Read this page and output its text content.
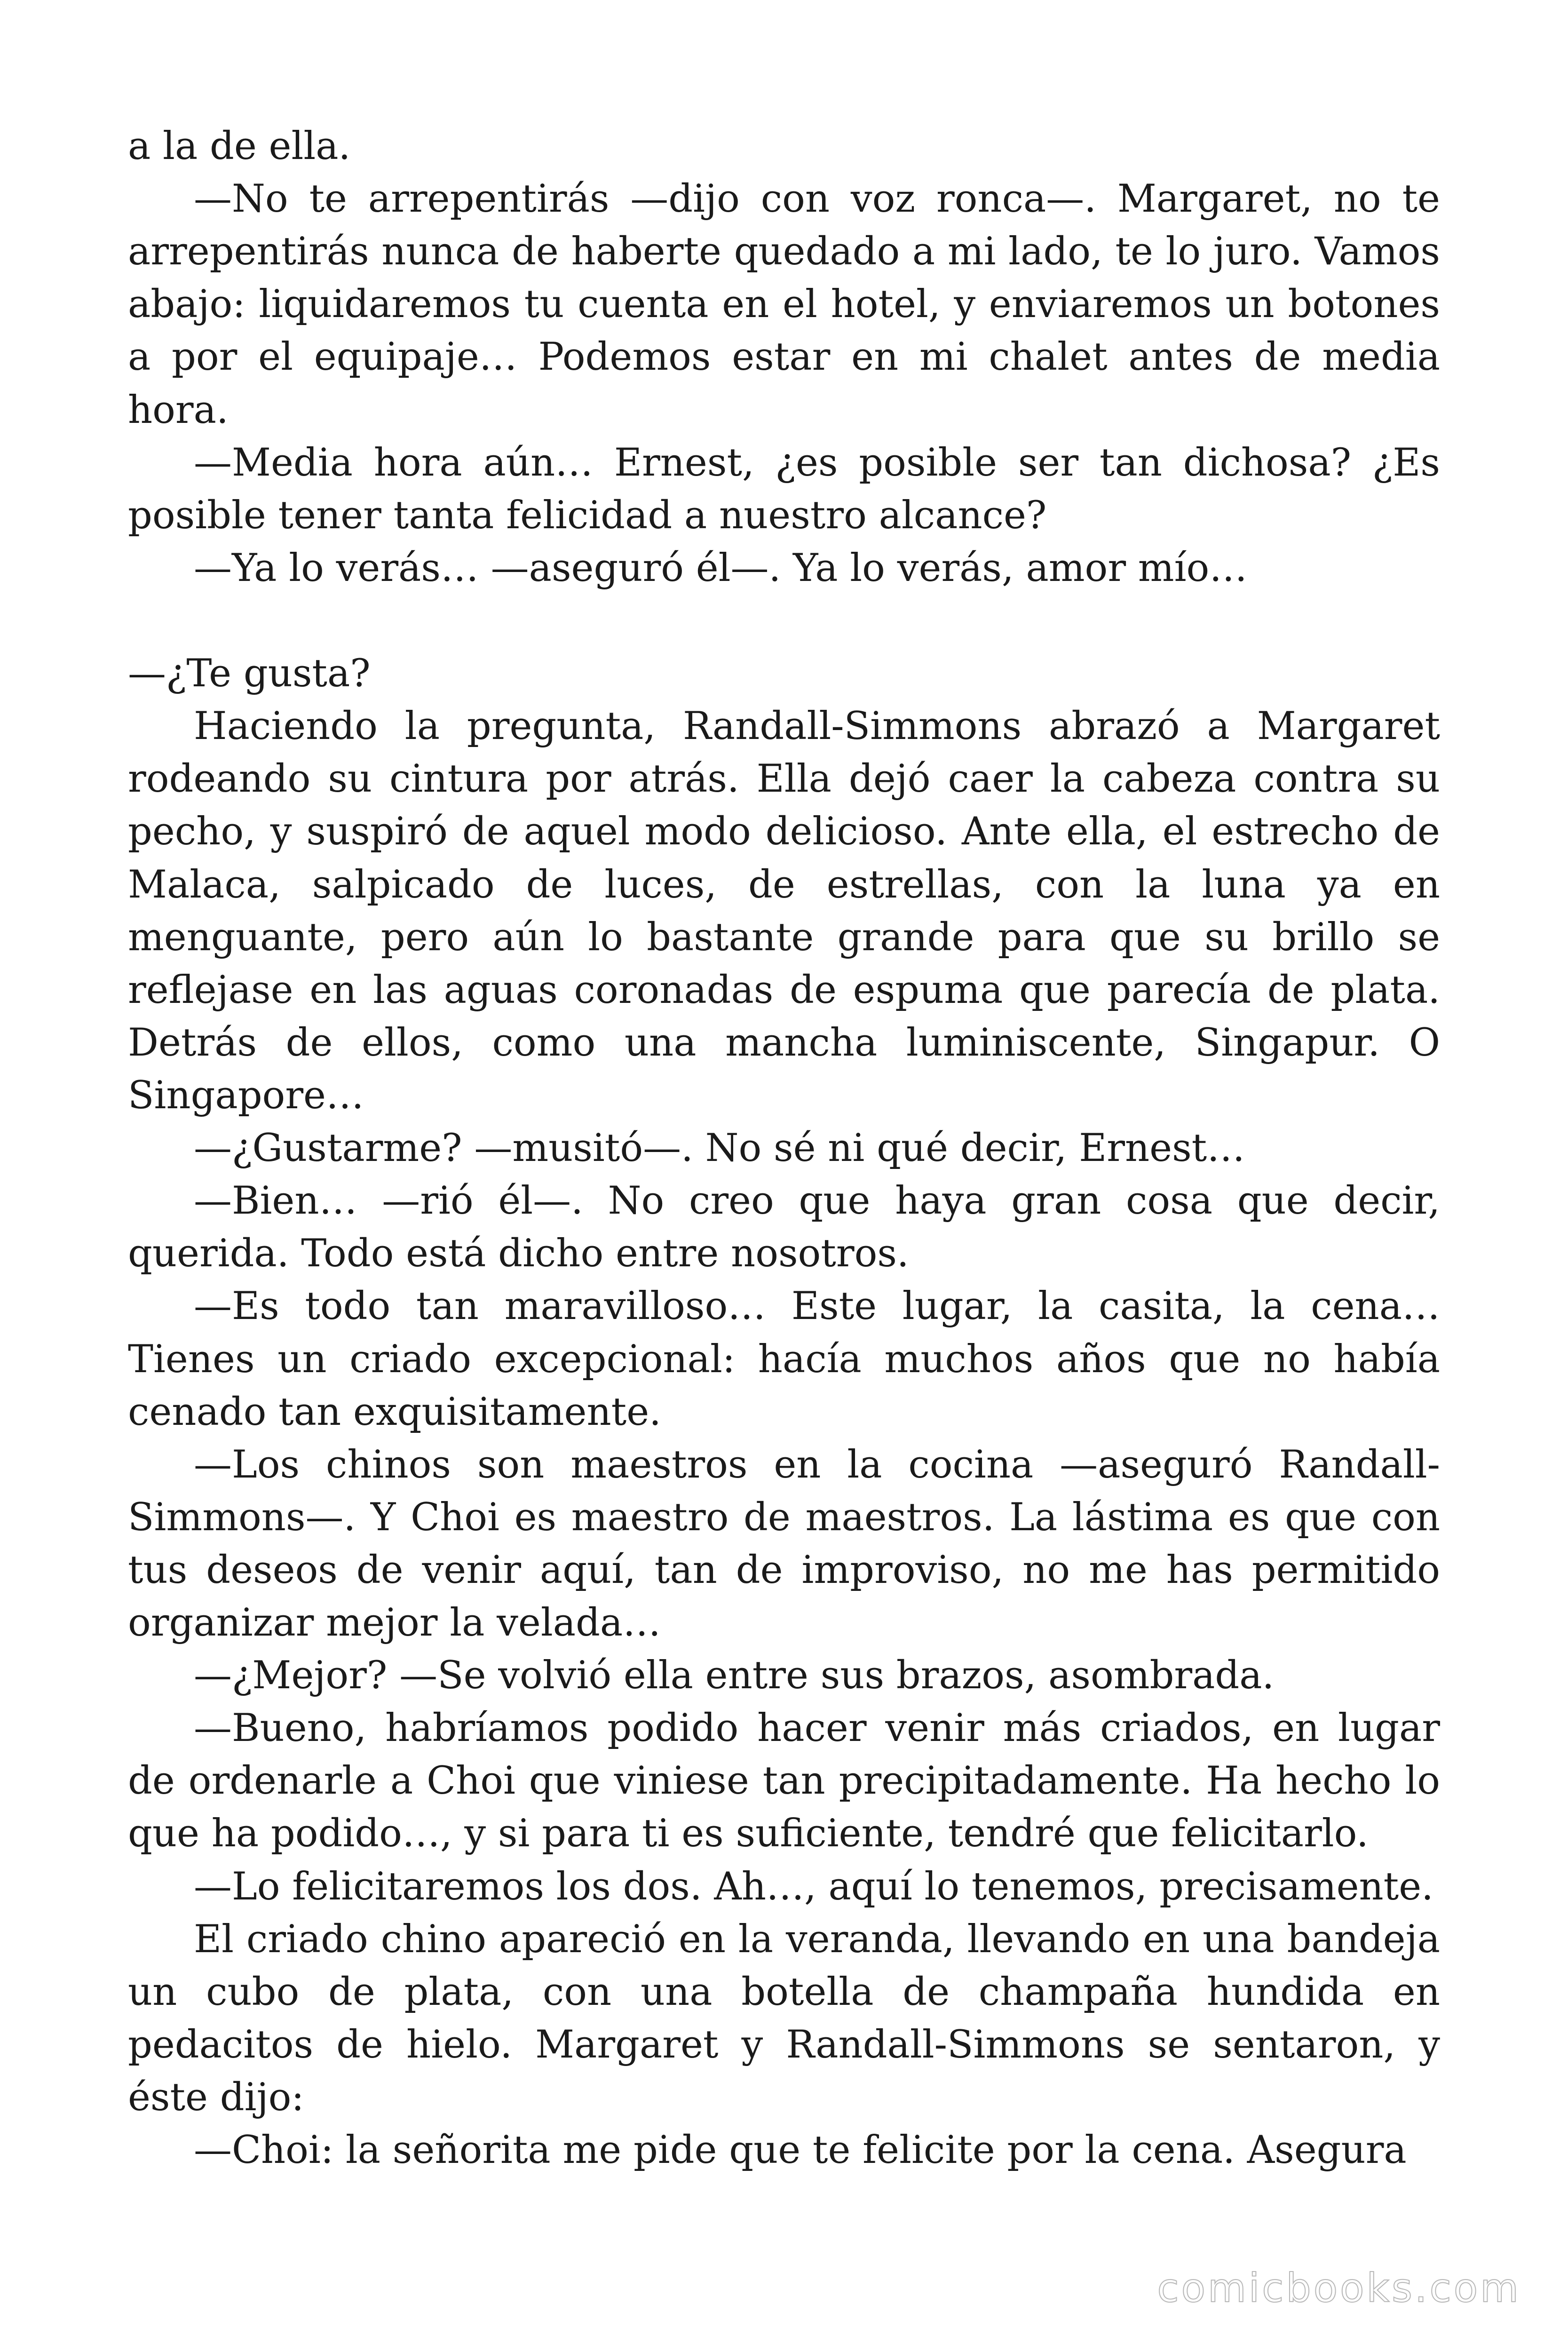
a la de ella.

—No te arrepentirás —dijo con voz ronca—. Margaret, no te arrepentirás nunca de haberte quedado a mi lado, te lo juro. Vamos abajo: liquidaremos tu cuenta en el hotel, y enviaremos un botones a por el equipaje… Podemos estar en mi chalet antes de media hora.

—Media hora aún… Ernest, ¿es posible ser tan dichosa? ¿Es posible tener tanta felicidad a nuestro alcance?

—Ya lo verás… —aseguró él—. Ya lo verás, amor mío…

—¿Te gusta?

Haciendo la pregunta, Randall-Simmons abrazó a Margaret rodeando su cintura por atrás. Ella dejó caer la cabeza contra su pecho, y suspiró de aquel modo delicioso. Ante ella, el estrecho de Malaca, salpicado de luces, de estrellas, con la luna ya en menguante, pero aún lo bastante grande para que su brillo se reflejase en las aguas coronadas de espuma que parecía de plata. Detrás de ellos, como una mancha luminiscente, Singapur. O Singapore…

—¿Gustarme? —musitó—. No sé ni qué decir, Ernest…

—Bien… —rió él—. No creo que haya gran cosa que decir, querida. Todo está dicho entre nosotros.

—Es todo tan maravilloso… Este lugar, la casita, la cena… Tienes un criado excepcional: hacía muchos años que no había cenado tan exquisitamente.

—Los chinos son maestros en la cocina —aseguró Randall-Simmons—. Y Choi es maestro de maestros. La lástima es que con tus deseos de venir aquí, tan de improviso, no me has permitido organizar mejor la velada…

—¿Mejor? —Se volvió ella entre sus brazos, asombrada.

—Bueno, habríamos podido hacer venir más criados, en lugar de ordenarle a Choi que viniese tan precipitadamente. Ha hecho lo que ha podido…, y si para ti es suficiente, tendré que felicitarlo.

—Lo felicitaremos los dos. Ah…, aquí lo tenemos, precisamente.

El criado chino apareció en la veranda, llevando en una bandeja un cubo de plata, con una botella de champaña hundida en pedacitos de hielo. Margaret y Randall-Simmons se sentaron, y éste dijo:

—Choi: la señorita me pide que te felicite por la cena. Asegura

comicbooks.com
